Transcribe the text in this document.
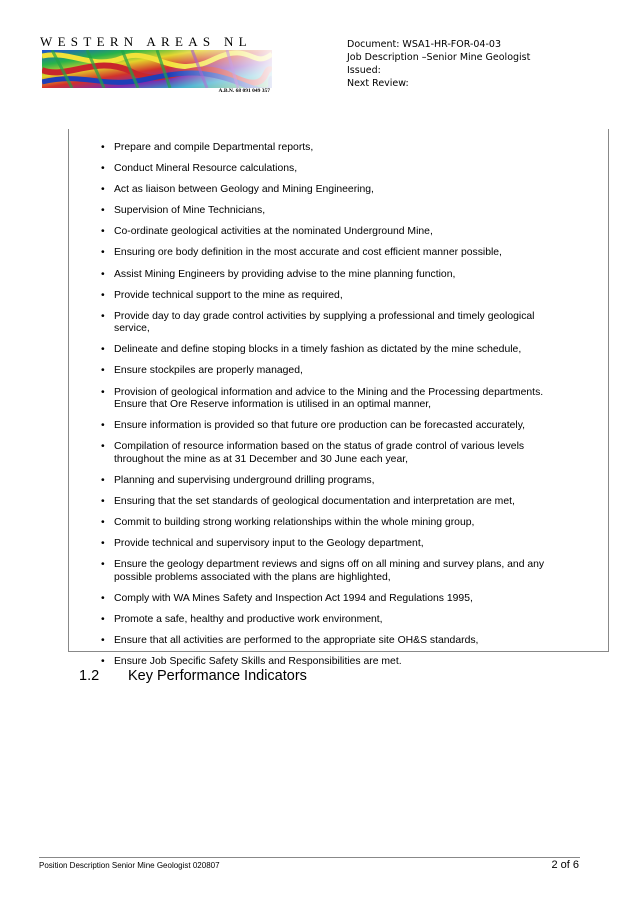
WESTERN AREAS NL
A.B.N. 68 091 049 357
Document: WSA1-HR-FOR-04-03
Job Description –Senior Mine Geologist
Issued:
Next Review:
• Prepare and compile Departmental reports,
• Conduct Mineral Resource calculations,
• Act as liaison between Geology and Mining Engineering,
• Supervision of Mine Technicians,
• Co-ordinate geological activities at the nominated Underground Mine,
• Ensuring ore body definition in the most accurate and cost efficient manner possible,
• Assist Mining Engineers by providing advise to the mine planning function,
• Provide technical support to the mine as required,
• Provide day to day grade control activities by supplying a professional and timely geological service,
• Delineate and define stoping blocks in a timely fashion as dictated by the mine schedule,
• Ensure stockpiles are properly managed,
• Provision of geological information and advice to the Mining and the Processing departments. Ensure that Ore Reserve information is utilised in an optimal manner,
• Ensure information is provided so that future ore production can be forecasted accurately,
• Compilation of resource information based on the status of grade control of various levels throughout the mine as at 31 December and 30 June each year,
• Planning and supervising underground drilling programs,
• Ensuring that the set standards of geological documentation and interpretation are met,
• Commit to building strong working relationships within the whole mining group,
• Provide technical and supervisory input to the Geology department,
• Ensure the geology department reviews and signs off on all mining and survey plans, and any possible problems associated with the plans are highlighted,
• Comply with WA Mines Safety and Inspection Act 1994 and Regulations 1995,
• Promote a safe, healthy and productive work environment,
• Ensure that all activities are performed to the appropriate site OH&S standards,
• Ensure Job Specific Safety Skills and Responsibilities are met.
1.2 Key Performance Indicators
Position Description Senior Mine Geologist 020807	2 of 6
